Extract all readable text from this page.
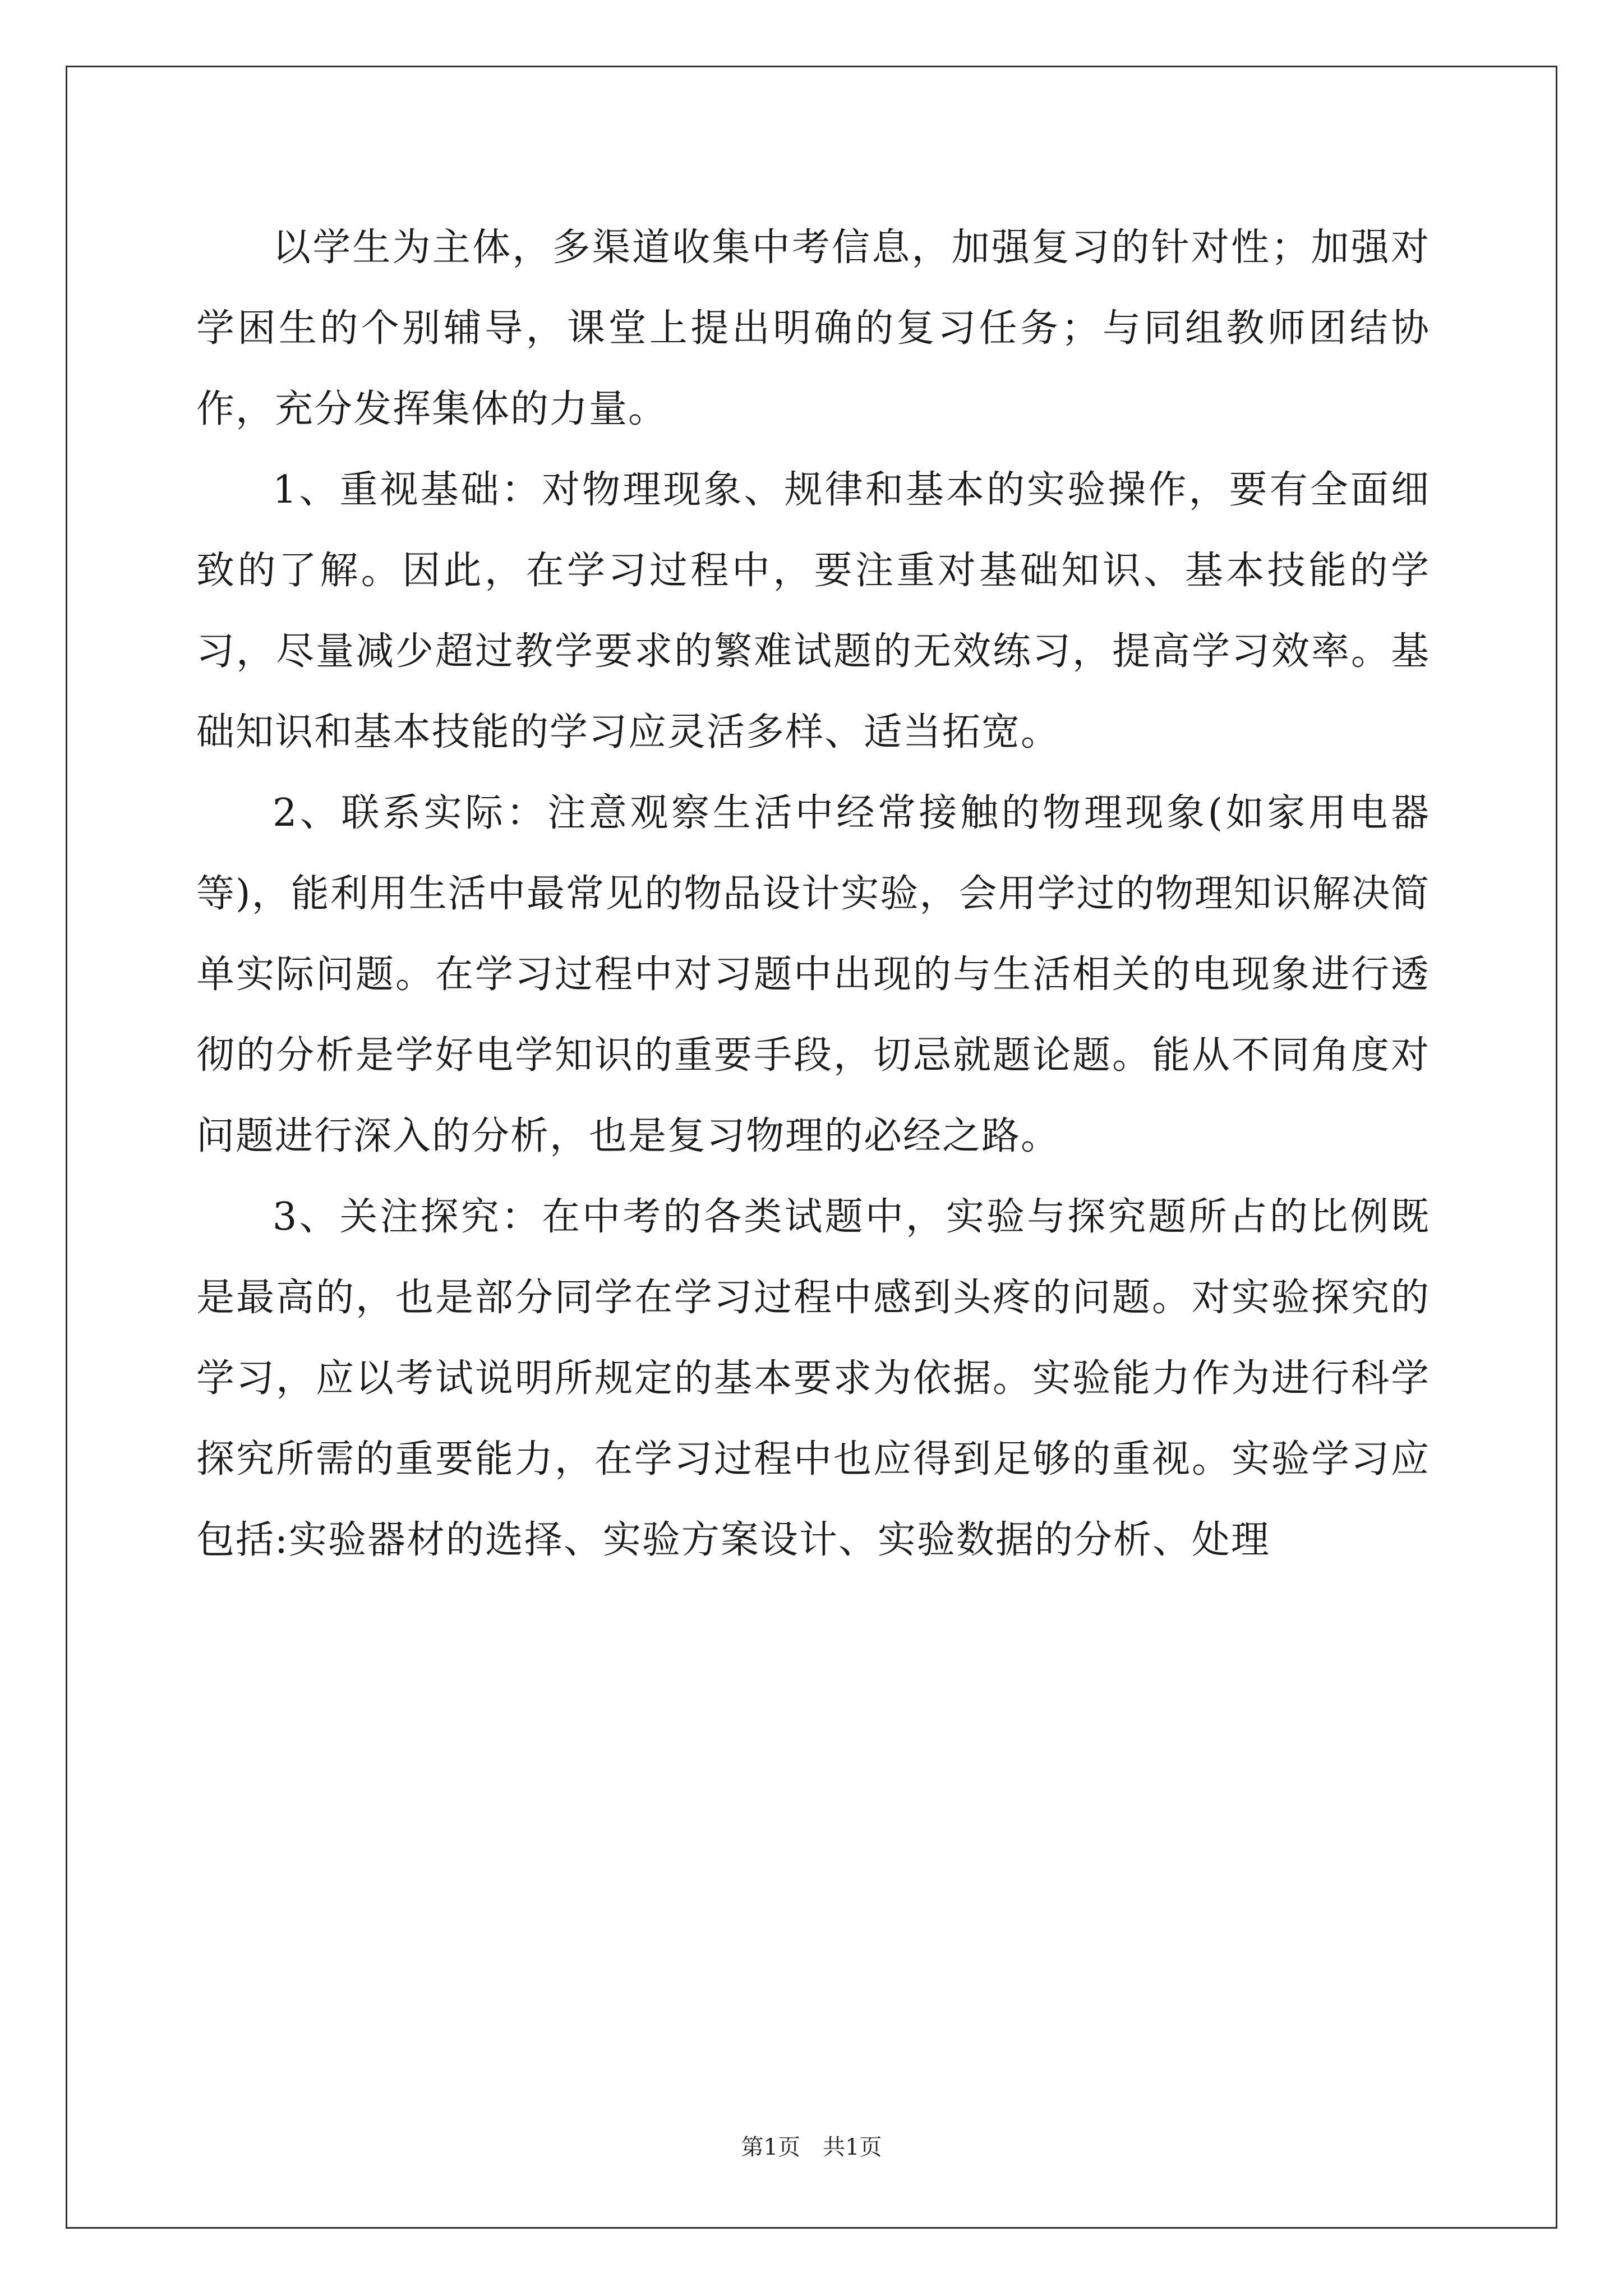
以学生为主体，多渠道收集中考信息，加强复习的针对性；加强对学困生的个别辅导，课堂上提出明确的复习任务；与同组教师团结协作，充分发挥集体的力量。

1、重视基础：对物理现象、规律和基本的实验操作，要有全面细致的了解。因此，在学习过程中，要注重对基础知识、基本技能的学习，尽量减少超过教学要求的繁难试题的无效练习，提高学习效率。基础知识和基本技能的学习应灵活多样、适当拓宽。

2、联系实际：注意观察生活中经常接触的物理现象(如家用电器等)，能利用生活中最常见的物品设计实验，会用学过的物理知识解决简单实际问题。在学习过程中对习题中出现的与生活相关的电现象进行透彻的分析是学好电学知识的重要手段，切忌就题论题。能从不同角度对问题进行深入的分析，也是复习物理的必经之路。

3、关注探究：在中考的各类试题中，实验与探究题所占的比例既是最高的，也是部分同学在学习过程中感到头疼的问题。对实验探究的学习，应以考试说明所规定的基本要求为依据。实验能力作为进行科学探究所需的重要能力，在学习过程中也应得到足够的重视。实验学习应包括:实验器材的选择、实验方案设计、实验数据的分析、处理

第1页 共1页
